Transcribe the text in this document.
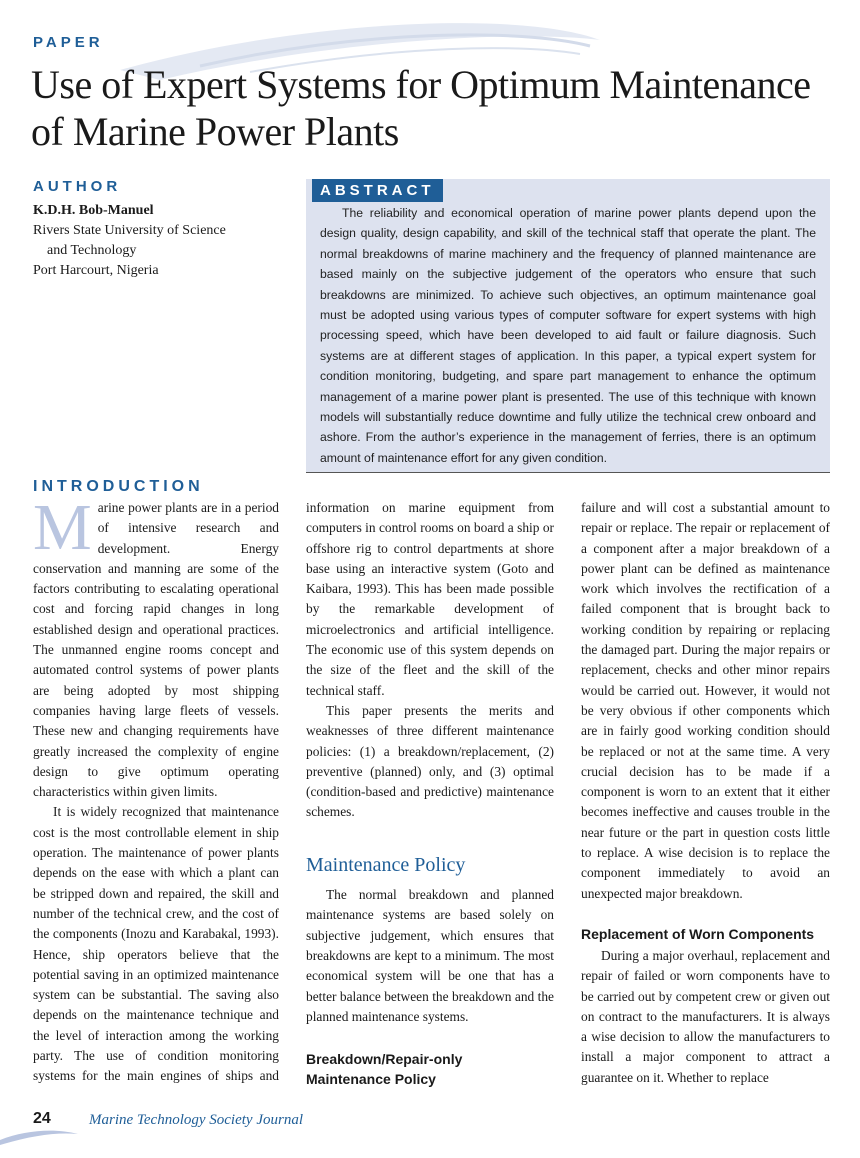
PAPER
Use of Expert Systems for Optimum Maintenance
of Marine Power Plants
AUTHOR

K.D.H. Bob-Manuel

Rivers State University of Science

and Technology

Port Harcourt, Nigeria

ABSTRACT

The reliability and economical operation of marine power plants depend upon the design quality, design capability, and skill of the technical staff that operate the plant. The normal breakdowns of marine machinery and the frequency of planned maintenance are based mainly on the subjective judgement of the operators who ensure that such breakdowns are minimized. To achieve such objectives, an optimum maintenance goal must be adopted using various types of computer software for expert systems with high processing speed, which have been developed to aid fault or failure diagnosis. Such systems are at different stages of application. In this paper, a typical expert system for condition monitoring, budgeting, and spare part management to enhance the optimum management of a marine power plant is presented. The use of this technique with known models will substantially reduce downtime and fully utilize the technical crew onboard and ashore. From the author’s experience in the management of ferries, there is an optimum amount of maintenance effort for any given condition.

INTRODUCTION
M arine power plants are in a period of intensive research and development. Energy conservation and manning are some of the factors contributing to escalating operational cost and forcing rapid changes in long established design and operational practices. The unmanned engine rooms concept and automated control systems of power plants are being adopted by most shipping companies having large fleets of vessels. These new and changing requirements have greatly increased the complexity of engine design to give optimum operating characteristics within given limits.

It is widely recognized that maintenance cost is the most controllable element in ship operation. The maintenance of power plants depends on the ease with which a plant can be stripped down and repaired, the skill and number of the technical crew, and the cost of the components (Inozu and Karabakal, 1993). Hence, ship operators believe that the potential saving in an optimized maintenance system can be substantial. The saving also depends on the maintenance technique and the level of interaction among the working party. The use of condition monitoring systems for the main engines of ships and

information on marine equipment from computers in control rooms on board a ship or offshore rig to control departments at shore base using an interactive system (Goto and Kaibara, 1993). This has been made possible by the remarkable development of microelectronics and artificial intelligence. The economic use of this system depends on the size of the fleet and the skill of the technical staff.

This paper presents the merits and weaknesses of three different maintenance policies: (1) a breakdown/replacement, (2) preventive (planned) only, and (3) optimal (condition-based and predictive) maintenance schemes.

Maintenance Policy

The normal breakdown and planned maintenance systems are based solely on subjective judgement, which ensures that breakdowns are kept to a minimum. The most economical system will be one that has a better balance between the breakdown and the planned maintenance systems.

Breakdown/Repair-only
Maintenance Policy

failure and will cost a substantial amount to repair or replace. The repair or replacement of a component after a major breakdown of a power plant can be defined as maintenance work which involves the rectification of a failed component that is brought back to working condition by repairing or replacing the damaged part. During the major repairs or replacement, checks and other minor repairs would be carried out. However, it would not be very obvious if other components which are in fairly good working condition should be replaced or not at the same time. A very crucial decision has to be made if a component is worn to an extent that it either becomes ineffective and causes trouble in the near future or the part in question costs little to replace. A wise decision is to replace the component immediately to avoid an unexpected major breakdown.

Replacement of Worn Components

During a major overhaul, replacement and repair of failed or worn components have to be carried out by competent crew or given out on contract to the manufacturers. It is always a wise decision to allow the manufacturers to install a major component to attract a guarantee on it. Whether to replace

24	Marine Technology Society Journal
